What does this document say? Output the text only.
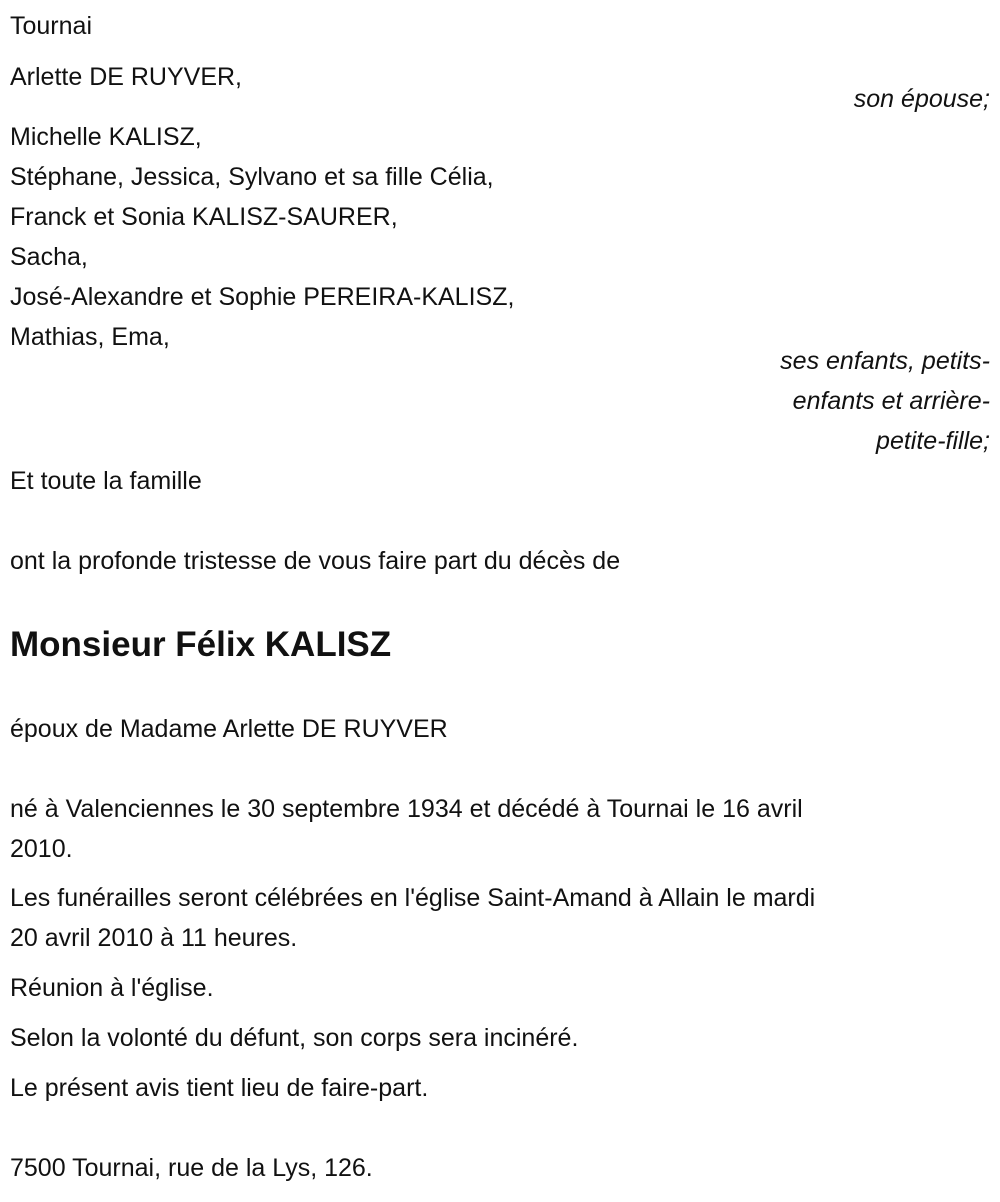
Tournai
Arlette DE RUYVER,
son épouse;
Michelle KALISZ,
Stéphane, Jessica, Sylvano et sa fille Célia,
Franck et Sonia KALISZ-SAURER,
Sacha,
José-Alexandre et Sophie PEREIRA-KALISZ,
Mathias, Ema,
ses enfants, petits-
enfants et arrière-
petite-fille;
Et toute la famille
ont la profonde tristesse de vous faire part du décès de
Monsieur Félix KALISZ
époux de Madame Arlette DE RUYVER
né à Valenciennes le 30 septembre 1934 et décédé à Tournai le 16 avril
2010.
Les funérailles seront célébrées en l'église Saint-Amand à Allain le mardi
20 avril 2010 à 11 heures.
Réunion à l'église.
Selon la volonté du défunt, son corps sera incinéré.
Le présent avis tient lieu de faire-part.
7500 Tournai, rue de la Lys, 126.
